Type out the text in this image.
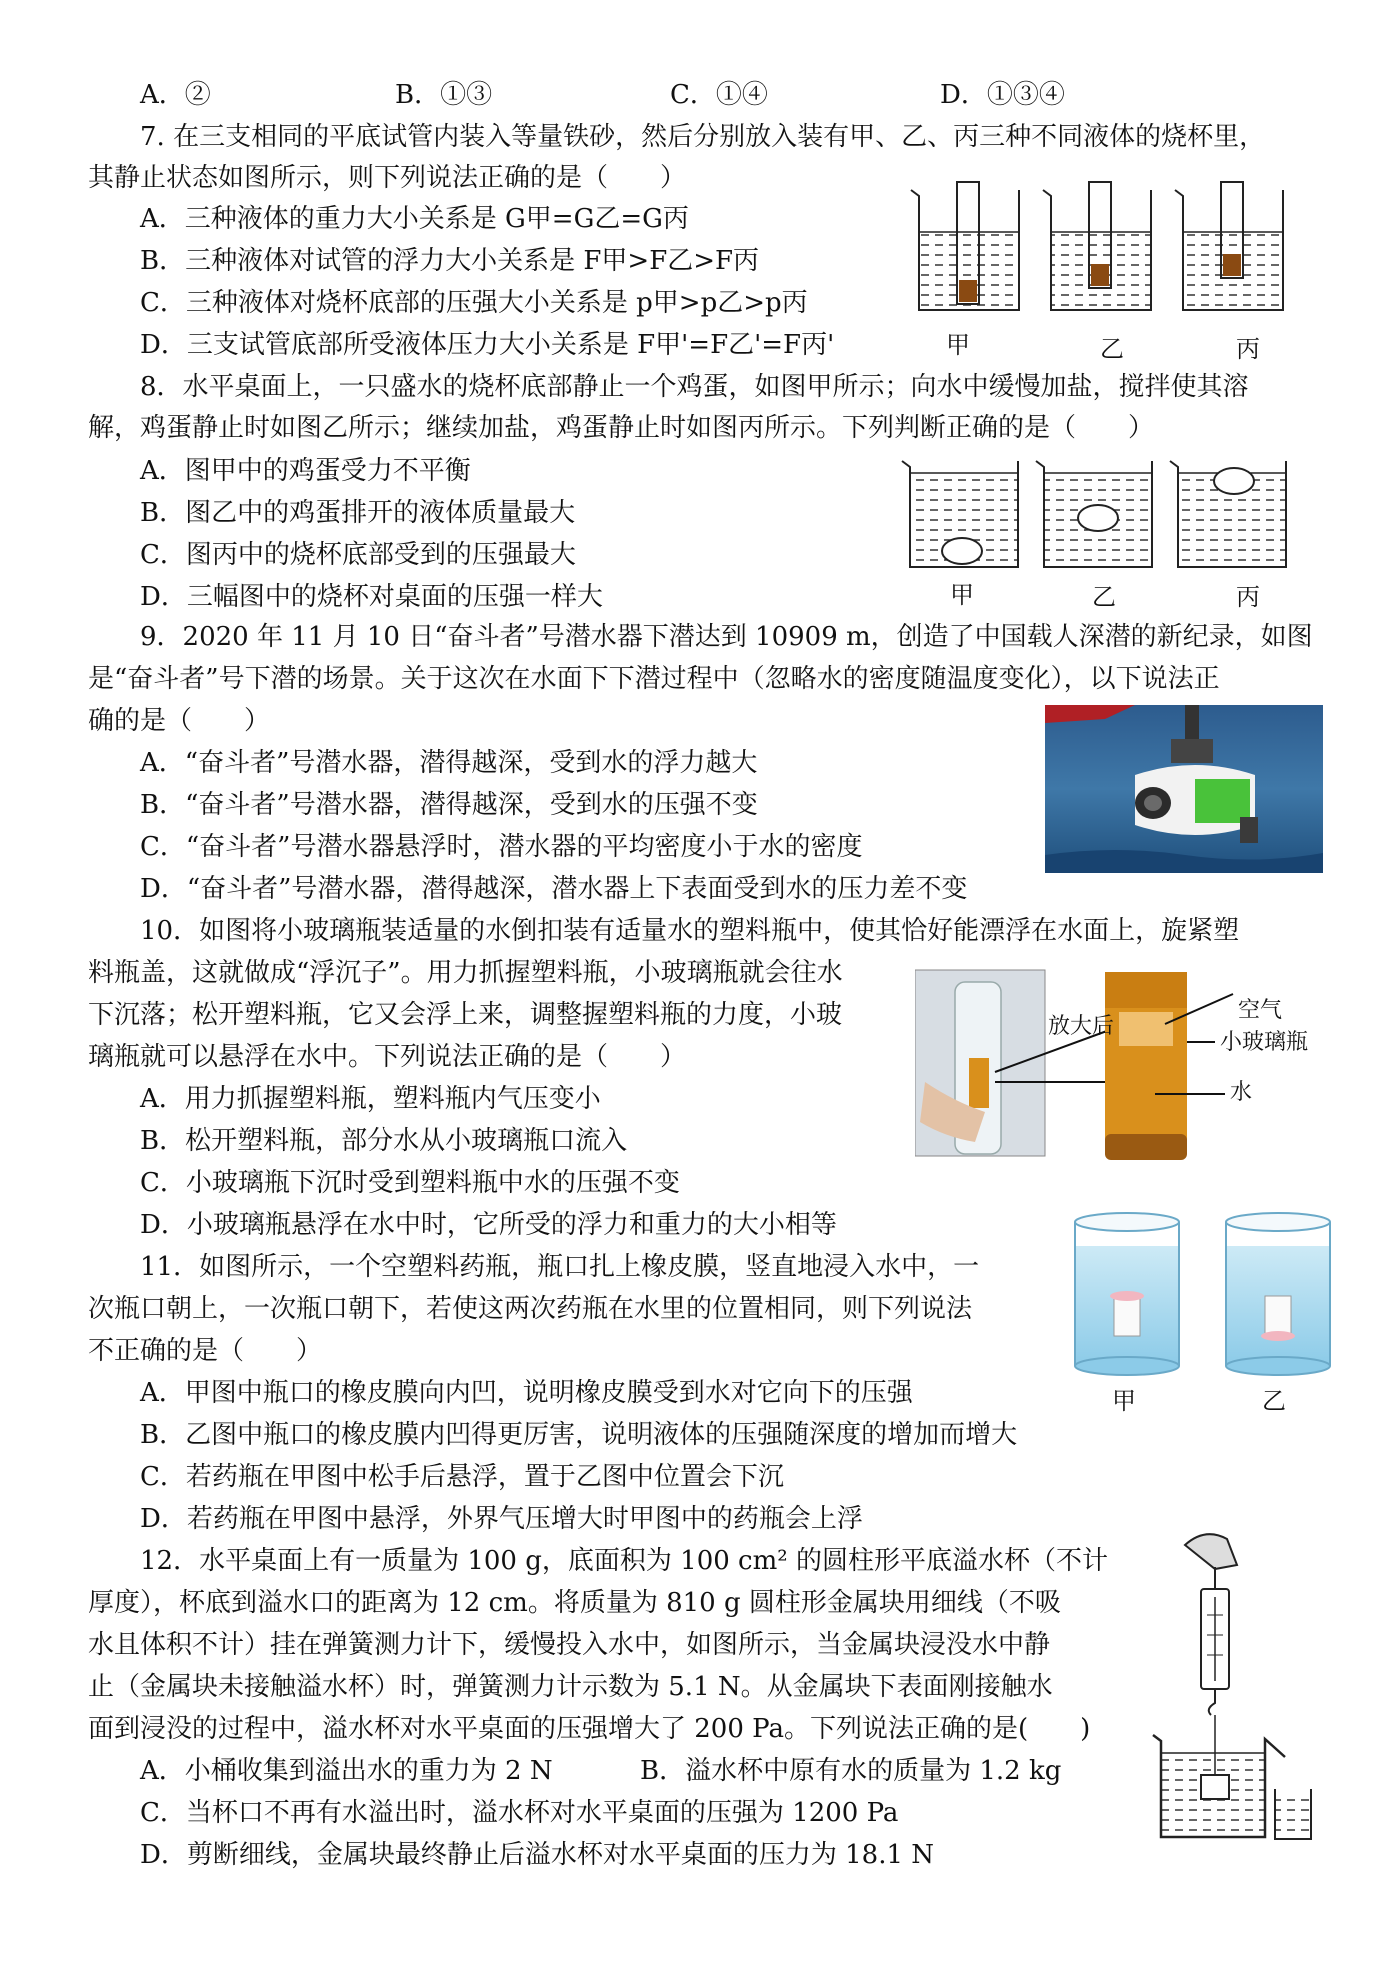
A．②	B．①③	C．①④	D．①③④
7. 在三支相同的平底试管内装入等量铁砂，然后分别放入装有甲、乙、丙三种不同液体的烧杯里，
其静止状态如图所示，则下列说法正确的是（　　）
A．三种液体的重力大小关系是 G甲=G乙=G丙
B．三种液体对试管的浮力大小关系是 F甲>F乙>F丙
C．三种液体对烧杯底部的压强大小关系是 p甲>p乙>p丙
D．三支试管底部所受液体压力大小关系是 F甲'=F乙'=F丙'	甲	乙	丙
8．水平桌面上，一只盛水的烧杯底部静止一个鸡蛋，如图甲所示；向水中缓慢加盐，搅拌使其溶
解，鸡蛋静止时如图乙所示；继续加盐，鸡蛋静止时如图丙所示。下列判断正确的是（　　）
A．图甲中的鸡蛋受力不平衡
B．图乙中的鸡蛋排开的液体质量最大
C．图丙中的烧杯底部受到的压强最大
D．三幅图中的烧杯对桌面的压强一样大	甲	乙	丙
9．2020 年 11 月 10 日“奋斗者”号潜水器下潜达到 10909 m，创造了中国载人深潜的新纪录，如图
是“奋斗者”号下潜的场景。关于这次在水面下下潜过程中（忽略水的密度随温度变化），以下说法正
确的是（　　）
A．“奋斗者”号潜水器，潜得越深，受到水的浮力越大
B．“奋斗者”号潜水器，潜得越深，受到水的压强不变
C．“奋斗者”号潜水器悬浮时，潜水器的平均密度小于水的密度
D．“奋斗者”号潜水器，潜得越深，潜水器上下表面受到水的压力差不变
10．如图将小玻璃瓶装适量的水倒扣装有适量水的塑料瓶中，使其恰好能漂浮在水面上，旋紧塑
料瓶盖，这就做成“浮沉子”。用力抓握塑料瓶，小玻璃瓶就会往水
下沉落；松开塑料瓶，它又会浮上来，调整握塑料瓶的力度，小玻
璃瓶就可以悬浮在水中。下列说法正确的是（　　）
A．用力抓握塑料瓶，塑料瓶内气压变小
B．松开塑料瓶，部分水从小玻璃瓶口流入
C．小玻璃瓶下沉时受到塑料瓶中水的压强不变
D．小玻璃瓶悬浮在水中时，它所受的浮力和重力的大小相等
空气
小玻璃瓶
水
放大后
11．如图所示，一个空塑料药瓶，瓶口扎上橡皮膜，竖直地浸入水中，一
次瓶口朝上，一次瓶口朝下，若使这两次药瓶在水里的位置相同，则下列说法
不正确的是（　　）
A．甲图中瓶口的橡皮膜向内凹，说明橡皮膜受到水对它向下的压强
B．乙图中瓶口的橡皮膜内凹得更厉害，说明液体的压强随深度的增加而增大
C．若药瓶在甲图中松手后悬浮，置于乙图中位置会下沉
D．若药瓶在甲图中悬浮，外界气压增大时甲图中的药瓶会上浮
甲	乙
12．水平桌面上有一质量为 100 g，底面积为 100 cm² 的圆柱形平底溢水杯（不计
厚度），杯底到溢水口的距离为 12 cm。将质量为 810 g 圆柱形金属块用细线（不吸
水且体积不计）挂在弹簧测力计下，缓慢投入水中，如图所示，当金属块浸没水中静
止（金属块未接触溢水杯）时，弹簧测力计示数为 5.1 N。从金属块下表面刚接触水
面到浸没的过程中，溢水杯对水平桌面的压强增大了 200 Pa。下列说法正确的是(　　)
A．小桶收集到溢出水的重力为 2 N	B．溢水杯中原有水的质量为 1.2 kg
C．当杯口不再有水溢出时，溢水杯对水平桌面的压强为 1200 Pa
D．剪断细线，金属块最终静止后溢水杯对水平桌面的压力为 18.1 N
